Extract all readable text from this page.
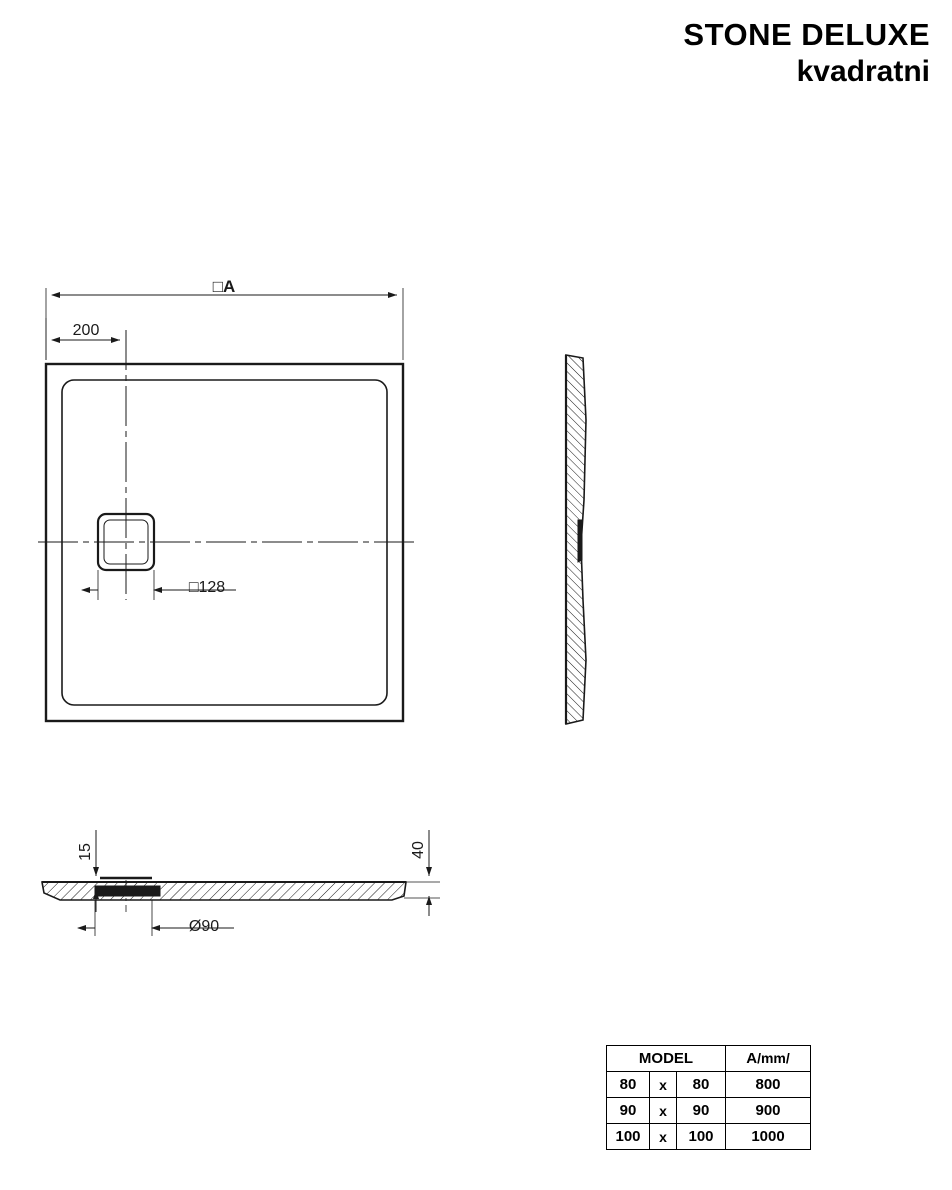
STONE DELUXE
kvadratni
□A
200
□128
15	40
Ø90
MODEL			A/mm/
80	x	80	800
90	x	90	900
100	x	100	1000
